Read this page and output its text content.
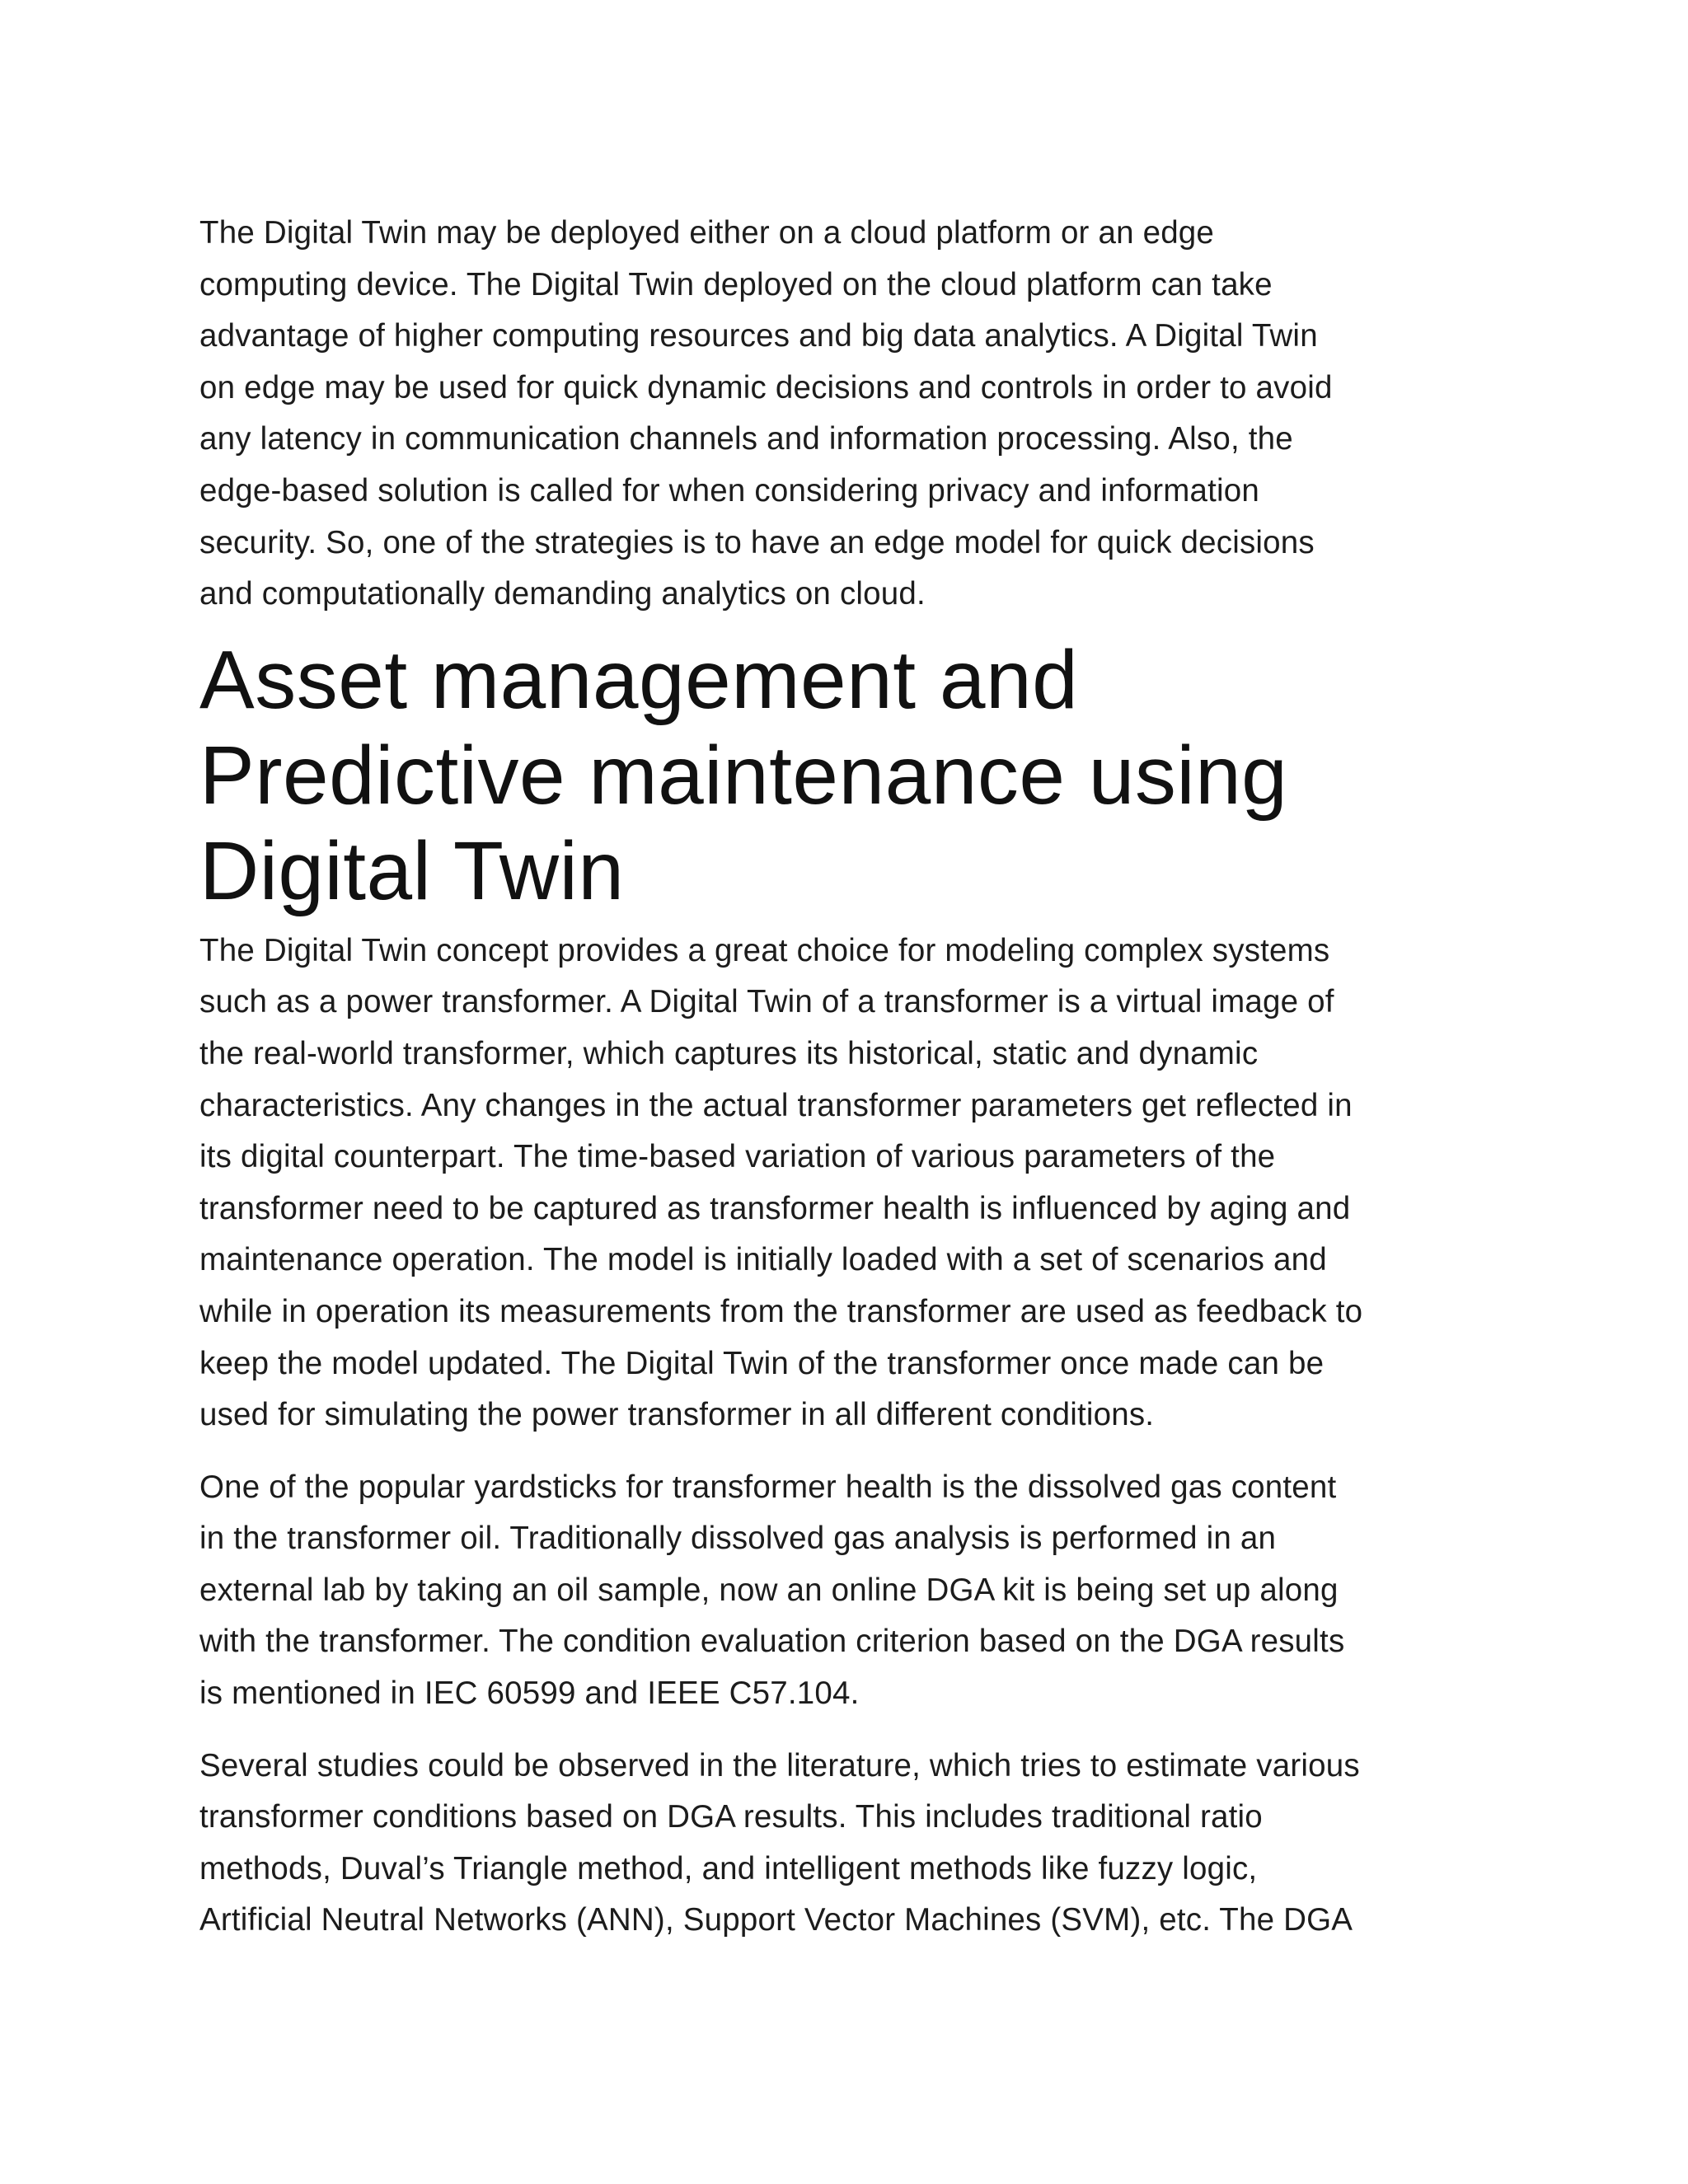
The Digital Twin may be deployed either on a cloud platform or an edge
computing device. The Digital Twin deployed on the cloud platform can take
advantage of higher computing resources and big data analytics. A Digital Twin
on edge may be used for quick dynamic decisions and controls in order to avoid
any latency in communication channels and information processing. Also, the
edge-based solution is called for when considering privacy and information
security. So, one of the strategies is to have an edge model for quick decisions
and computationally demanding analytics on cloud.

Asset management and
Predictive maintenance using
Digital Twin

The Digital Twin concept provides a great choice for modeling complex systems
such as a power transformer. A Digital Twin of a transformer is a virtual image of
the real-world transformer, which captures its historical, static and dynamic
characteristics. Any changes in the actual transformer parameters get reflected in
its digital counterpart. The time-based variation of various parameters of the
transformer need to be captured as transformer health is influenced by aging and
maintenance operation. The model is initially loaded with a set of scenarios and
while in operation its measurements from the transformer are used as feedback to
keep the model updated. The Digital Twin of the transformer once made can be
used for simulating the power transformer in all different conditions.

One of the popular yardsticks for transformer health is the dissolved gas content
in the transformer oil. Traditionally dissolved gas analysis is performed in an
external lab by taking an oil sample, now an online DGA kit is being set up along
with the transformer. The condition evaluation criterion based on the DGA results
is mentioned in IEC 60599 and IEEE C57.104.

Several studies could be observed in the literature, which tries to estimate various
transformer conditions based on DGA results. This includes traditional ratio
methods, Duval’s Triangle method, and intelligent methods like fuzzy logic,
Artificial Neutral Networks (ANN), Support Vector Machines (SVM), etc. The DGA
